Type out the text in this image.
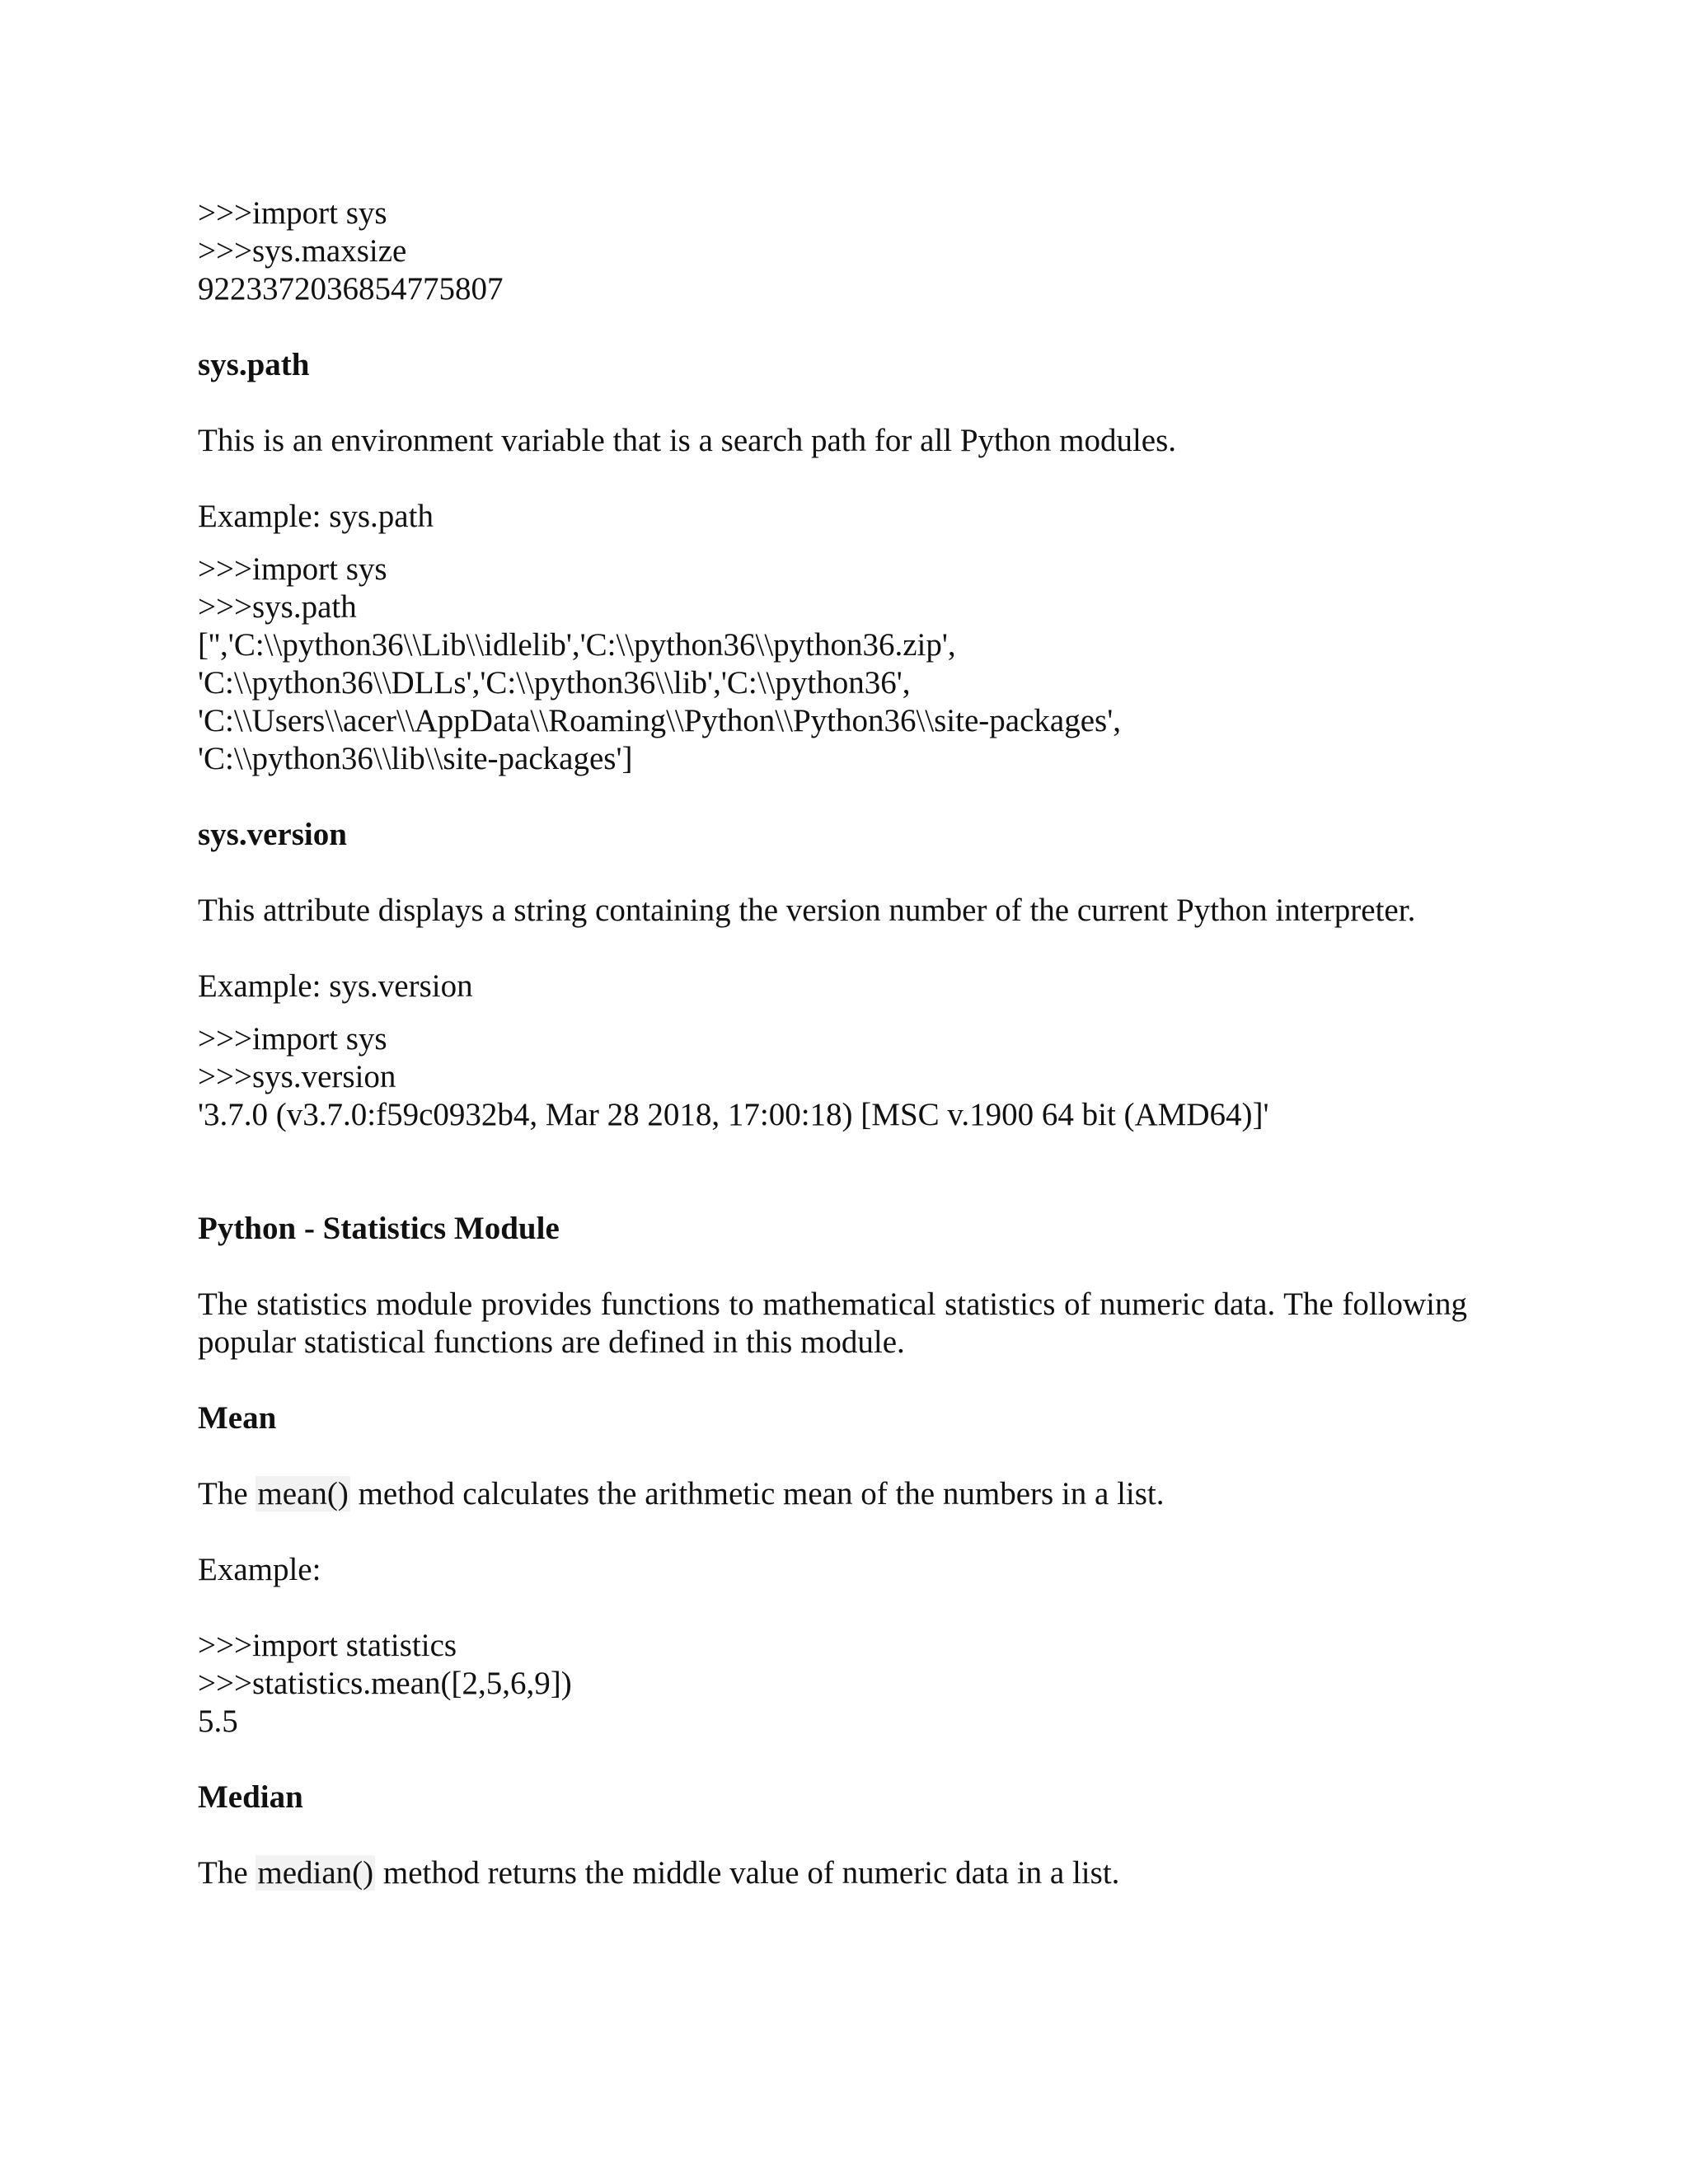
>>>import sys
>>>sys.maxsize
9223372036854775807
sys.path

This is an environment variable that is a search path for all Python modules.

Example: sys.path

>>>import sys
>>>sys.path
['','C:\\python36\\Lib\\idlelib','C:\\python36\\python36.zip',
'C:\\python36\\DLLs','C:\\python36\\lib','C:\\python36',
'C:\\Users\\acer\\AppData\\Roaming\\Python\\Python36\\site-packages',
'C:\\python36\\lib\\site-packages']
sys.version

This attribute displays a string containing the version number of the current Python interpreter.

Example: sys.version

>>>import sys
>>>sys.version
'3.7.0 (v3.7.0:f59c0932b4, Mar 28 2018, 17:00:18) [MSC v.1900 64 bit (AMD64)]'
Python - Statistics Module

The statistics module provides functions to mathematical statistics of numeric data. The following popular statistical functions are defined in this module.

Mean

The mean() method calculates the arithmetic mean of the numbers in a list.

Example:

>>>import statistics
>>>statistics.mean([2,5,6,9])
5.5
Median

The median() method returns the middle value of numeric data in a list.
